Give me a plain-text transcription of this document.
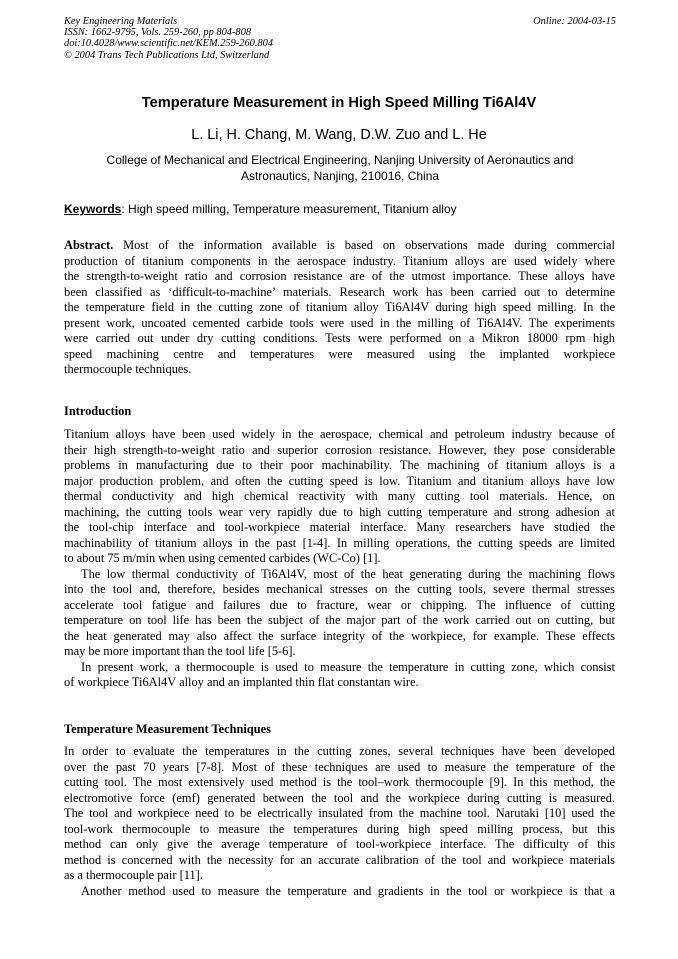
Key Engineering Materials
ISSN: 1662-9795, Vols. 259-260, pp 804-808
doi:10.4028/www.scientific.net/KEM.259-260.804
© 2004 Trans Tech Publications Ltd, Switzerland
Online: 2004-03-15
Temperature Measurement in High Speed Milling Ti6Al4V
L. Li, H. Chang, M. Wang, D.W. Zuo and L. He
College of Mechanical and Electrical Engineering, Nanjing University of Aeronautics and
Astronautics, Nanjing, 210016, China
Keywords: High speed milling, Temperature measurement, Titanium alloy
Abstract. Most of the information available is based on observations made during commercial
production of titanium components in the aerospace industry. Titanium alloys are used widely where
the strength-to-weight ratio and corrosion resistance are of the utmost importance. These alloys have
been classified as ‘difficult-to-machine’ materials. Research work has been carried out to determine
the temperature field in the cutting zone of titanium alloy Ti6Al4V during high speed milling. In the
present work, uncoated cemented carbide tools were used in the milling of Ti6Al4V. The experiments
were carried out under dry cutting conditions. Tests were performed on a Mikron 18000 rpm high
speed machining centre and temperatures were measured using the implanted workpiece
thermocouple techniques.
Introduction
Titanium alloys have been used widely in the aerospace, chemical and petroleum industry because of
their high strength-to-weight ratio and superior corrosion resistance. However, they pose considerable
problems in manufacturing due to their poor machinability. The machining of titanium alloys is a
major production problem, and often the cutting speed is low. Titanium and titanium alloys have low
thermal conductivity and high chemical reactivity with many cutting tool materials. Hence, on
machining, the cutting tools wear very rapidly due to high cutting temperature and strong adhesion at
the tool-chip interface and tool-workpiece material interface. Many researchers have studied the
machinability of titanium alloys in the past [1-4]. In milling operations, the cutting speeds are limited
to about 75 m/min when using cemented carbides (WC-Co) [1].
The low thermal conductivity of Ti6Al4V, most of the heat generating during the machining flows
into the tool and, therefore, besides mechanical stresses on the cutting tools, severe thermal stresses
accelerate tool fatigue and failures due to fracture, wear or chipping. The influence of cutting
temperature on tool life has been the subject of the major part of the work carried out on cutting, but
the heat generated may also affect the surface integrity of the workpiece, for example. These effects
may be more important than the tool life [5-6].
In present work, a thermocouple is used to measure the temperature in cutting zone, which consist
of workpiece Ti6Al4V alloy and an implanted thin flat constantan wire.
Temperature Measurement Techniques
In order to evaluate the temperatures in the cutting zones, several techniques have been developed
over the past 70 years [7-8]. Most of these techniques are used to measure the temperature of the
cutting tool. The most extensively used method is the tool–work thermocouple [9]. In this method, the
electromotive force (emf) generated between the tool and the workpiece during cutting is measured.
The tool and workpiece need to be electrically insulated from the machine tool. Narutaki [10] used the
tool-work thermocouple to measure the temperatures during high speed milling process, but this
method can only give the average temperature of tool-workpiece interface. The difficulty of this
method is concerned with the necessity for an accurate calibration of the tool and workpiece materials
as a thermocouple pair [11].
Another method used to measure the temperature and gradients in the tool or workpiece is that a
